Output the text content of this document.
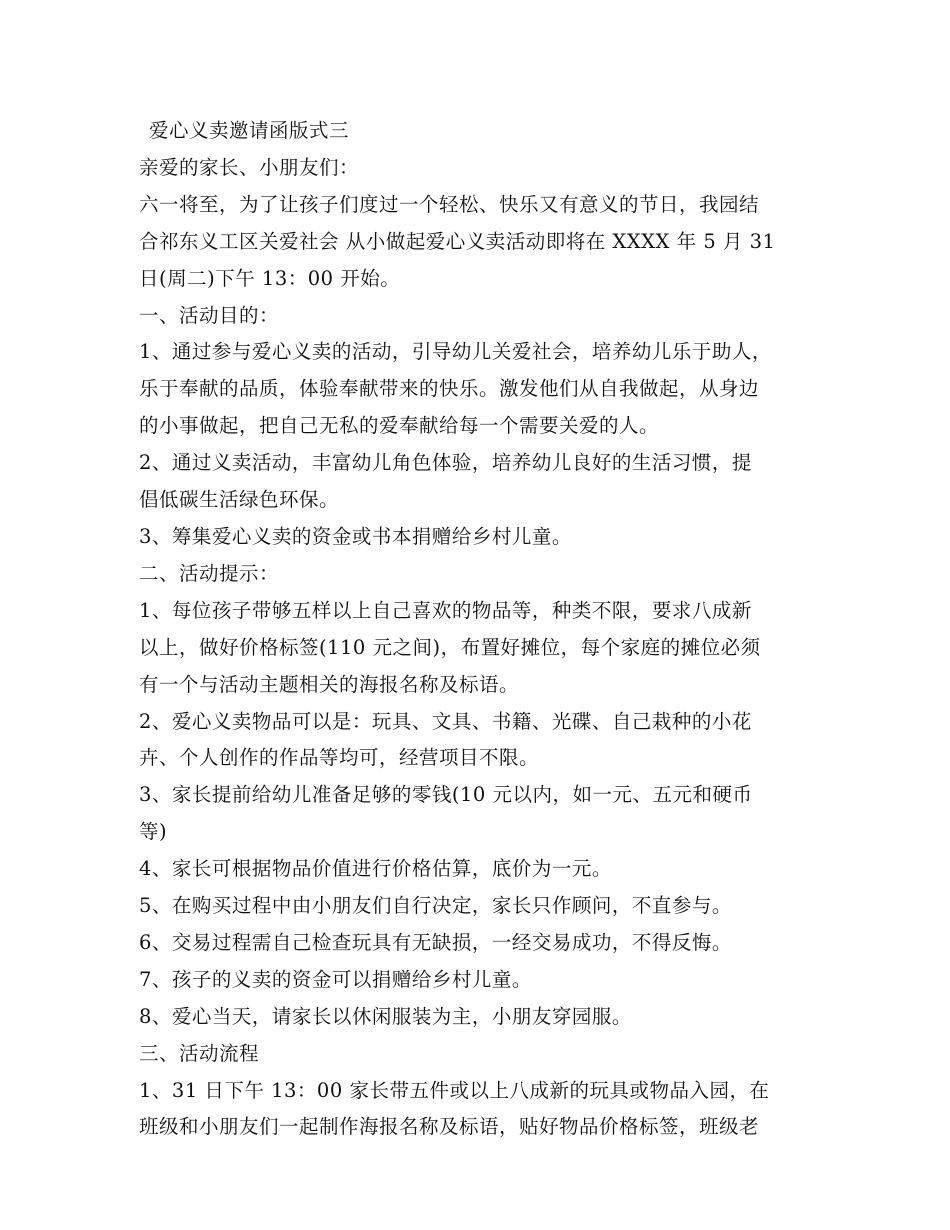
爱心义卖邀请函版式三

亲爱的家长、小朋友们：

六一将至，为了让孩子们度过一个轻松、快乐又有意义的节日，我园结

合祁东义工区关爱社会 从小做起爱心义卖活动即将在 XXXX 年 5 月 31

日(周二)下午 13：00 开始。

一、活动目的：

1、通过参与爱心义卖的活动，引导幼儿关爱社会，培养幼儿乐于助人，

乐于奉献的品质，体验奉献带来的快乐。激发他们从自我做起，从身边

的小事做起，把自己无私的爱奉献给每一个需要关爱的人。

2、通过义卖活动，丰富幼儿角色体验，培养幼儿良好的生活习惯，提

倡低碳生活绿色环保。

3、筹集爱心义卖的资金或书本捐赠给乡村儿童。

二、活动提示：

1、每位孩子带够五样以上自己喜欢的物品等，种类不限，要求八成新

以上，做好价格标签(110 元之间)，布置好摊位，每个家庭的摊位必须

有一个与活动主题相关的海报名称及标语。

2、爱心义卖物品可以是：玩具、文具、书籍、光碟、自己栽种的小花

卉、个人创作的作品等均可，经营项目不限。

3、家长提前给幼儿准备足够的零钱(10 元以内，如一元、五元和硬币

等)

4、家长可根据物品价值进行价格估算，底价为一元。

5、在购买过程中由小朋友们自行决定，家长只作顾问，不直参与。

6、交易过程需自己检查玩具有无缺损，一经交易成功，不得反悔。

7、孩子的义卖的资金可以捐赠给乡村儿童。

8、爱心当天，请家长以休闲服装为主，小朋友穿园服。

三、活动流程

1、31 日下午 13：00 家长带五件或以上八成新的玩具或物品入园，在

班级和小朋友们一起制作海报名称及标语，贴好物品价格标签，班级老
